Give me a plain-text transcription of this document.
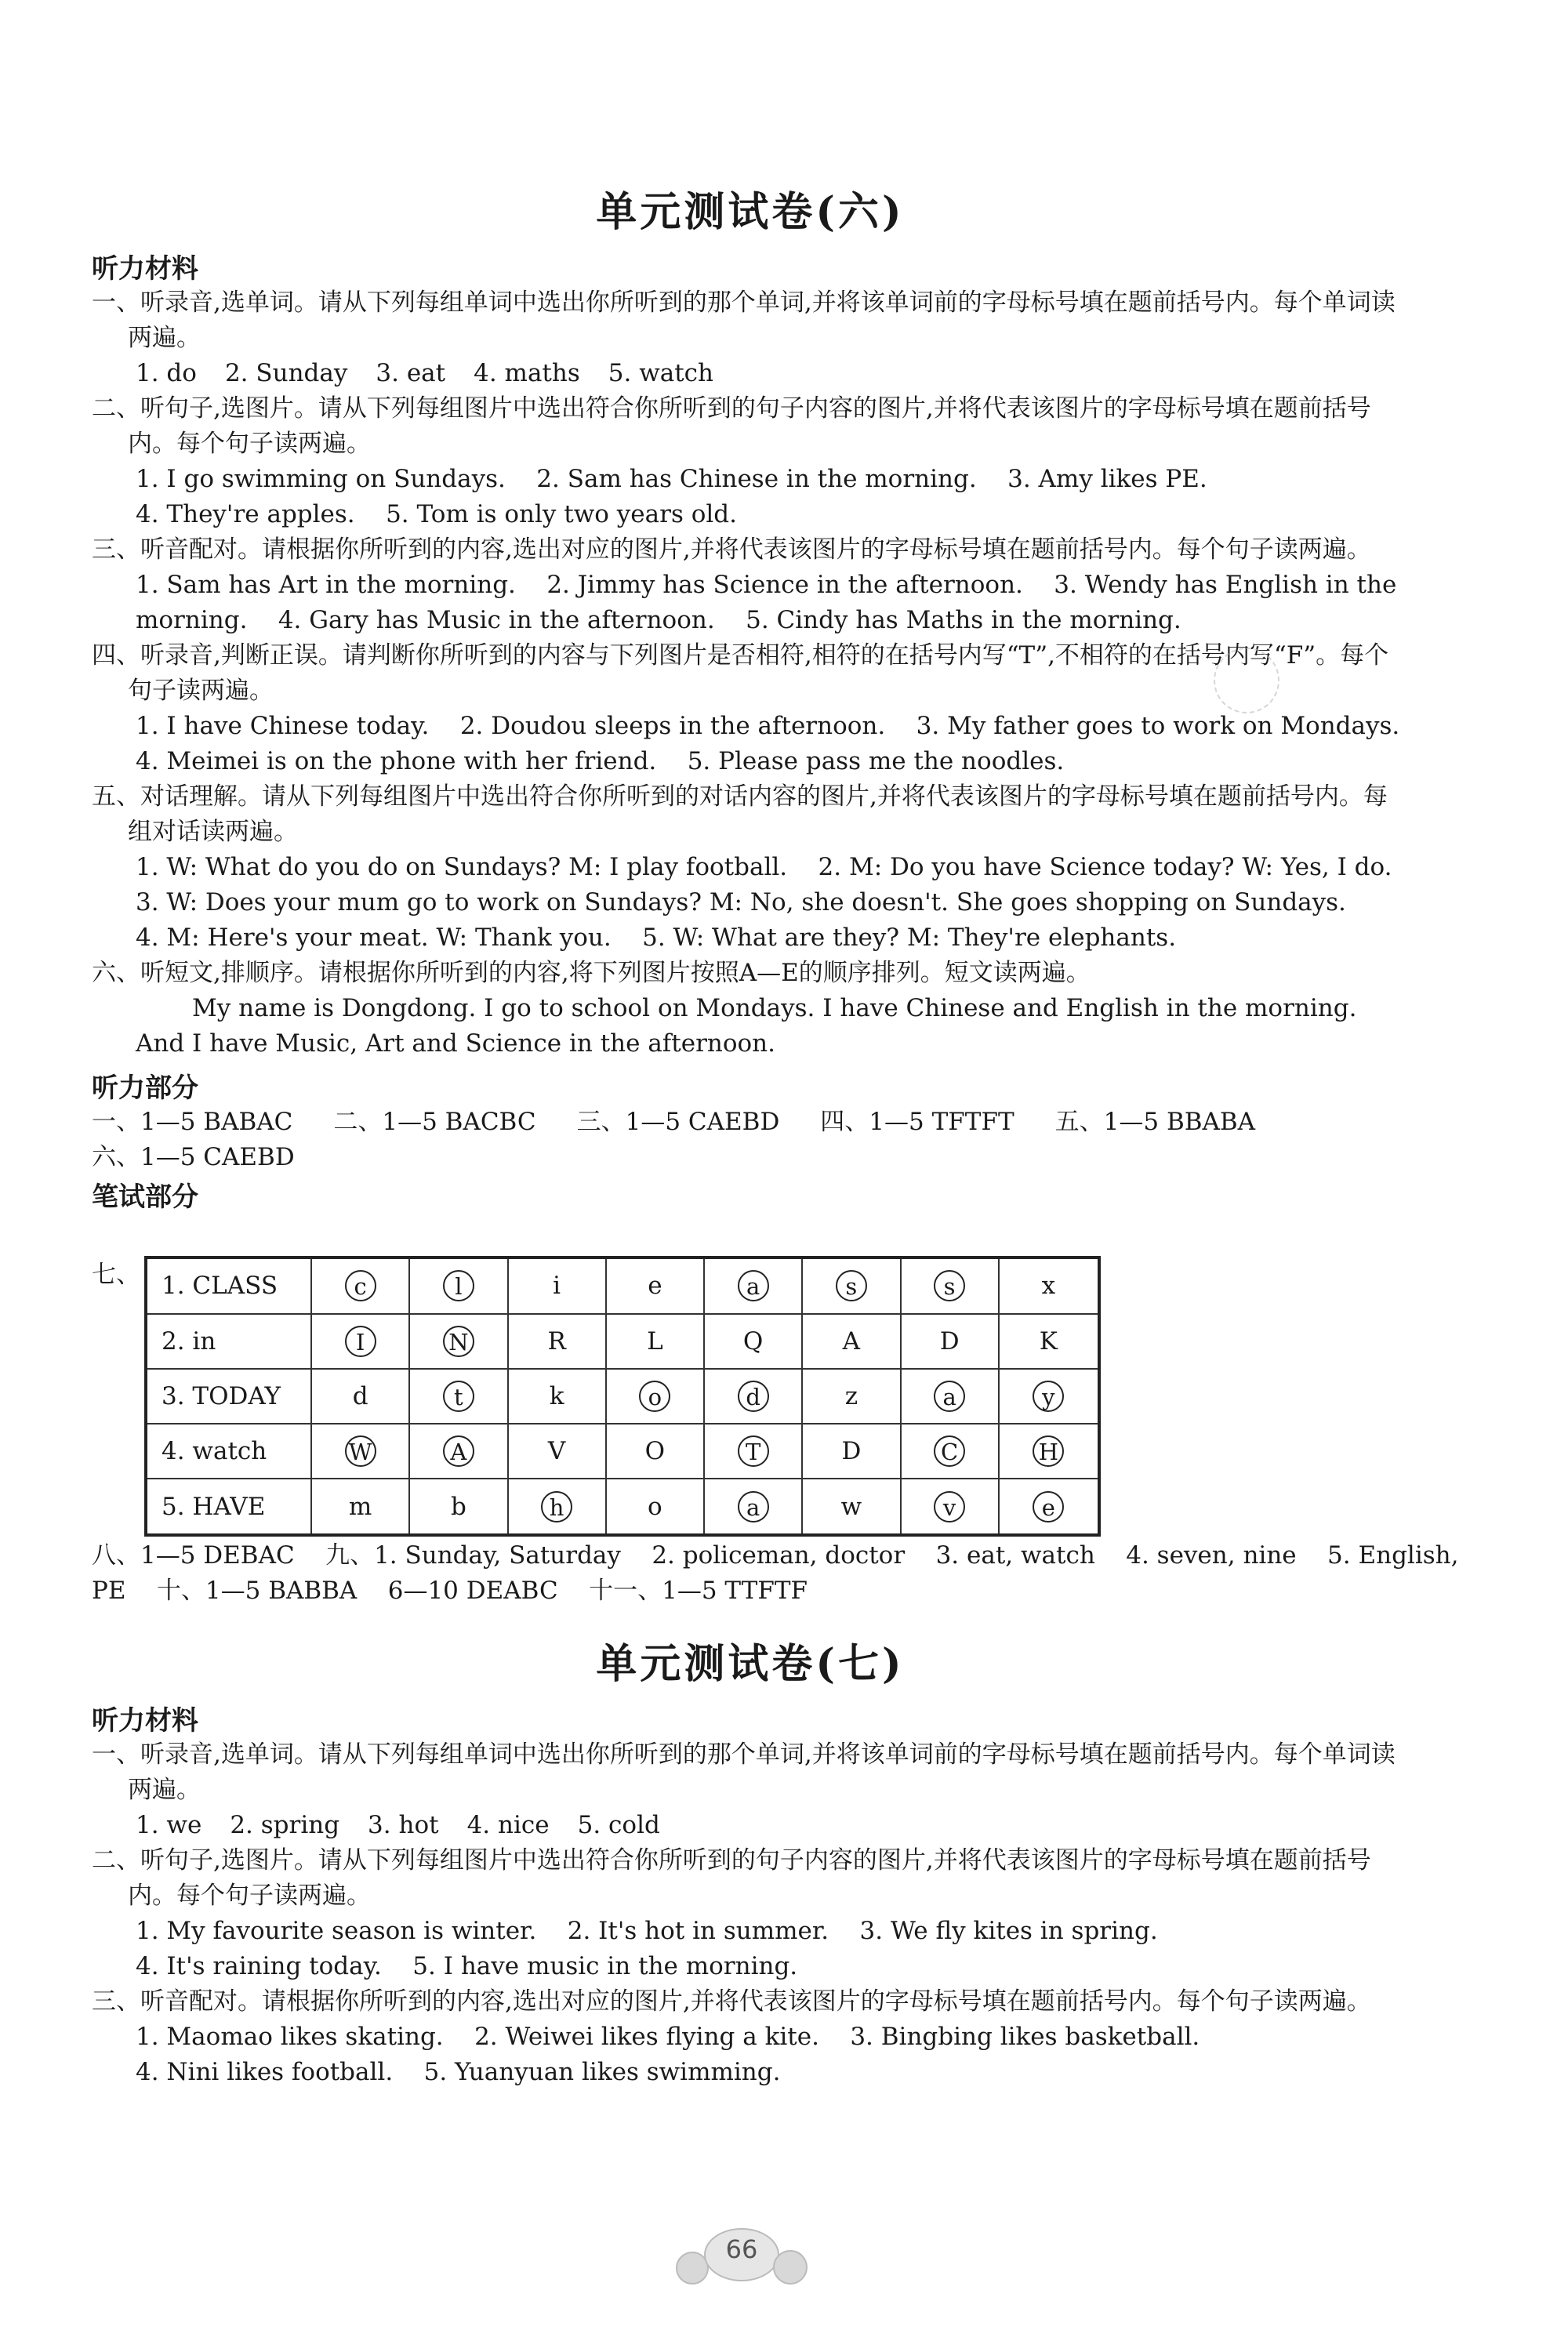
单元测试卷(六)

听力材料

一、听录音,选单词。请从下列每组单词中选出你所听到的那个单词,并将该单词前的字母标号填在题前括号内。每个单词读两遍。

1. do 2. Sunday 3. eat 4. maths 5. watch

二、听句子,选图片。请从下列每组图片中选出符合你所听到的句子内容的图片,并将代表该图片的字母标号填在题前括号内。每个句子读两遍。

1. I go swimming on Sundays.    2. Sam has Chinese in the morning.    3. Amy likes PE.

4. They're apples.    5. Tom is only two years old.

三、听音配对。请根据你所听到的内容,选出对应的图片,并将代表该图片的字母标号填在题前括号内。每个句子读两遍。

1. Sam has Art in the morning.    2. Jimmy has Science in the afternoon.    3. Wendy has English in the morning.    4. Gary has Music in the afternoon.    5. Cindy has Maths in the morning.

四、听录音,判断正误。请判断你所听到的内容与下列图片是否相符,相符的在括号内写“T”,不相符的在括号内写“F”。每个句子读两遍。

1. I have Chinese today.    2. Doudou sleeps in the afternoon.    3. My father goes to work on Mondays.

4. Meimei is on the phone with her friend.    5. Please pass me the noodles.

五、对话理解。请从下列每组图片中选出符合你所听到的对话内容的图片,并将代表该图片的字母标号填在题前括号内。每组对话读两遍。

1. W: What do you do on Sundays? M: I play football.    2. M: Do you have Science today? W: Yes, I do.

3. W: Does your mum go to work on Sundays? M: No, she doesn't. She goes shopping on Sundays.

4. M: Here's your meat. W: Thank you.    5. W: What are they? M: They're elephants.

六、听短文,排顺序。请根据你所听到的内容,将下列图片按照A—E的顺序排列。短文读两遍。

My name is Dongdong. I go to school on Mondays. I have Chinese and English in the morning. And I have Music, Art and Science in the afternoon.

听力部分

一、1—5 BABAC 二、1—5 BACBC 三、1—5 CAEBD 四、1—5 TFTFT 五、1—5 BBABA

六、1—5 CAEBD

笔试部分

七、 1. CLASS	c	l	i	e	a	s	s	x
2. in	I	N	R	L	Q	A	D	K
3. TODAY	d	t	k	o	d	z	a	y
4. watch	W	A	V	O	T	D	C	H
5. HAVE	m	b	h	o	a	w	v	e

八、1—5 DEBAC    九、1. Sunday, Saturday    2. policeman, doctor    3. eat, watch    4. seven, nine    5. English,

PE    十、1—5 BABBA    6—10 DEABC    十一、1—5 TTFTF

单元测试卷(七)

听力材料

一、听录音,选单词。请从下列每组单词中选出你所听到的那个单词,并将该单词前的字母标号填在题前括号内。每个单词读两遍。

1. we 2. spring 3. hot 4. nice 5. cold

二、听句子,选图片。请从下列每组图片中选出符合你所听到的句子内容的图片,并将代表该图片的字母标号填在题前括号内。每个句子读两遍。

1. My favourite season is winter.    2. It's hot in summer.    3. We fly kites in spring.

4. It's raining today.    5. I have music in the morning.

三、听音配对。请根据你所听到的内容,选出对应的图片,并将代表该图片的字母标号填在题前括号内。每个句子读两遍。

1. Maomao likes skating.    2. Weiwei likes flying a kite.    3. Bingbing likes basketball.

4. Nini likes football.    5. Yuanyuan likes swimming.

66
